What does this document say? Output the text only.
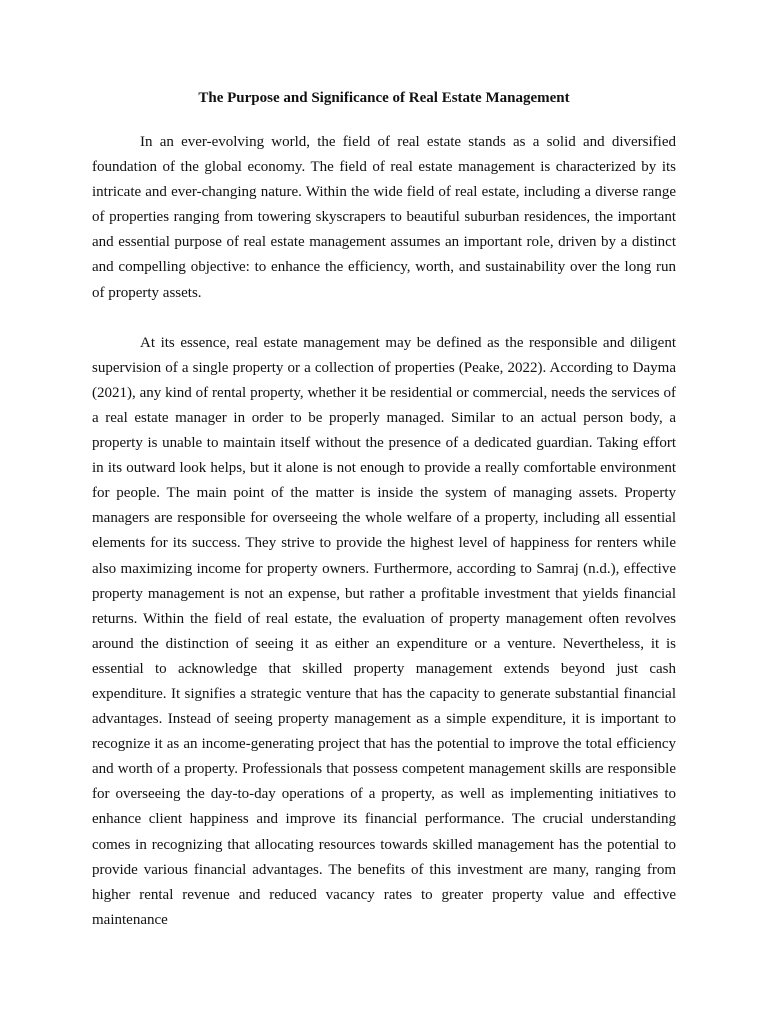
The Purpose and Significance of Real Estate Management

In an ever-evolving world, the field of real estate stands as a solid and diversified foundation of the global economy. The field of real estate management is characterized by its intricate and ever-changing nature. Within the wide field of real estate, including a diverse range of properties ranging from towering skyscrapers to beautiful suburban residences, the important and essential purpose of real estate management assumes an important role, driven by a distinct and compelling objective: to enhance the efficiency, worth, and sustainability over the long run of property assets.

At its essence, real estate management may be defined as the responsible and diligent supervision of a single property or a collection of properties (Peake, 2022). According to Dayma (2021), any kind of rental property, whether it be residential or commercial, needs the services of a real estate manager in order to be properly managed. Similar to an actual person body, a property is unable to maintain itself without the presence of a dedicated guardian. Taking effort in its outward look helps, but it alone is not enough to provide a really comfortable environment for people. The main point of the matter is inside the system of managing assets. Property managers are responsible for overseeing the whole welfare of a property, including all essential elements for its success. They strive to provide the highest level of happiness for renters while also maximizing income for property owners. Furthermore, according to Samraj (n.d.), effective property management is not an expense, but rather a profitable investment that yields financial returns. Within the field of real estate, the evaluation of property management often revolves around the distinction of seeing it as either an expenditure or a venture. Nevertheless, it is essential to acknowledge that skilled property management extends beyond just cash expenditure. It signifies a strategic venture that has the capacity to generate substantial financial advantages. Instead of seeing property management as a simple expenditure, it is important to recognize it as an income-generating project that has the potential to improve the total efficiency and worth of a property. Professionals that possess competent management skills are responsible for overseeing the day-to-day operations of a property, as well as implementing initiatives to enhance client happiness and improve its financial performance. The crucial understanding comes in recognizing that allocating resources towards skilled management has the potential to provide various financial advantages. The benefits of this investment are many, ranging from higher rental revenue and reduced vacancy rates to greater property value and effective maintenance
